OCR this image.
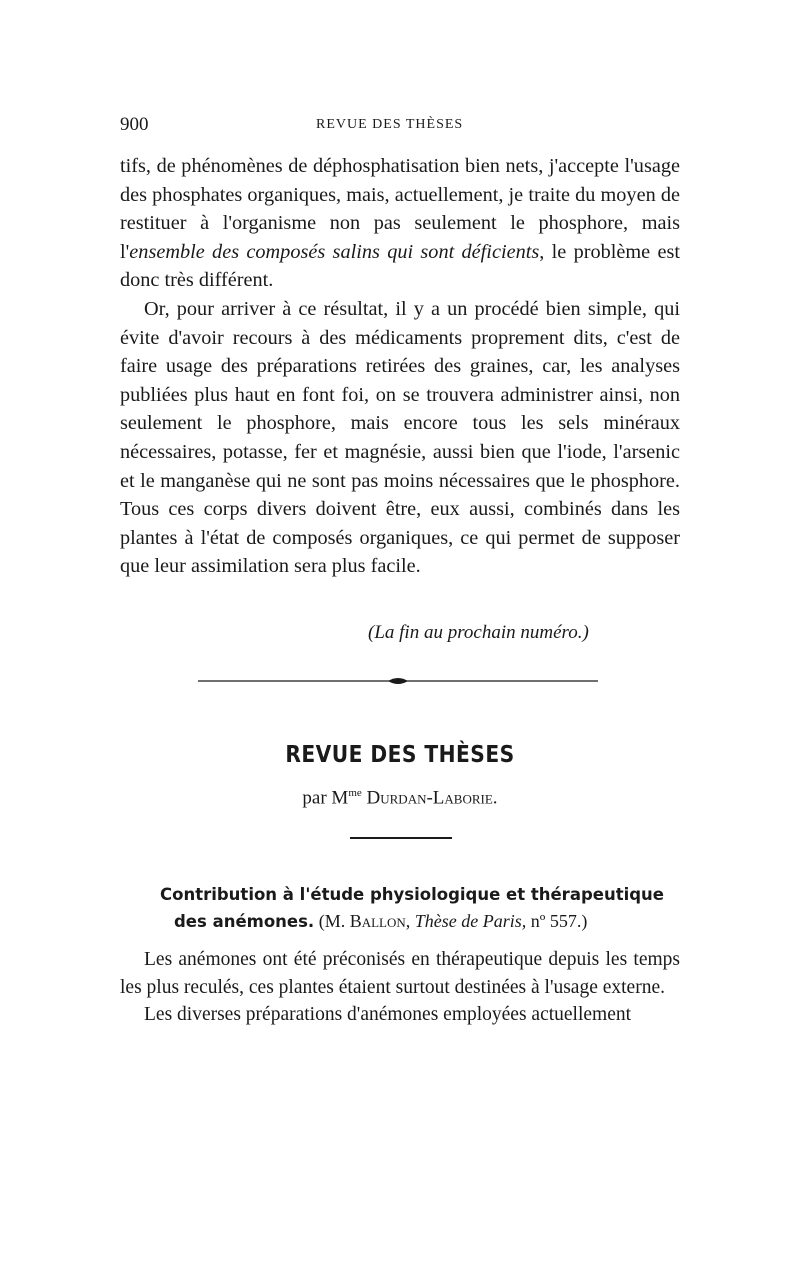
900	REVUE DES THÈSES

tifs, de phénomènes de déphosphatisation bien nets, j'accepte l'usage des phosphates organiques, mais, actuellement, je traite du moyen de restituer à l'organisme non pas seulement le phosphore, mais l'ensemble des composés salins qui sont déficients, le problème est donc très différent.

Or, pour arriver à ce résultat, il y a un procédé bien simple, qui évite d'avoir recours à des médicaments proprement dits, c'est de faire usage des préparations retirées des graines, car, les analyses publiées plus haut en font foi, on se trouvera administrer ainsi, non seulement le phosphore, mais encore tous les sels minéraux nécessaires, potasse, fer et magnésie, aussi bien que l'iode, l'arsenic et le manganèse qui ne sont pas moins nécessaires que le phosphore. Tous ces corps divers doivent être, eux aussi, combinés dans les plantes à l'état de composés organiques, ce qui permet de supposer que leur assimilation sera plus facile.

(La fin au prochain numéro.)
REVUE DES THÈSES
par $M^{me}$ Durdan-Laborie.
Contribution à l'étude physiologique et thérapeutique
des anémones. (M. Ballon, Thèse de Paris, nº 557.)

Les anémones ont été préconisés en thérapeutique depuis les temps les plus reculés, ces plantes étaient surtout destinées à l'usage externe.

Les diverses préparations d'anémones employées actuellement
